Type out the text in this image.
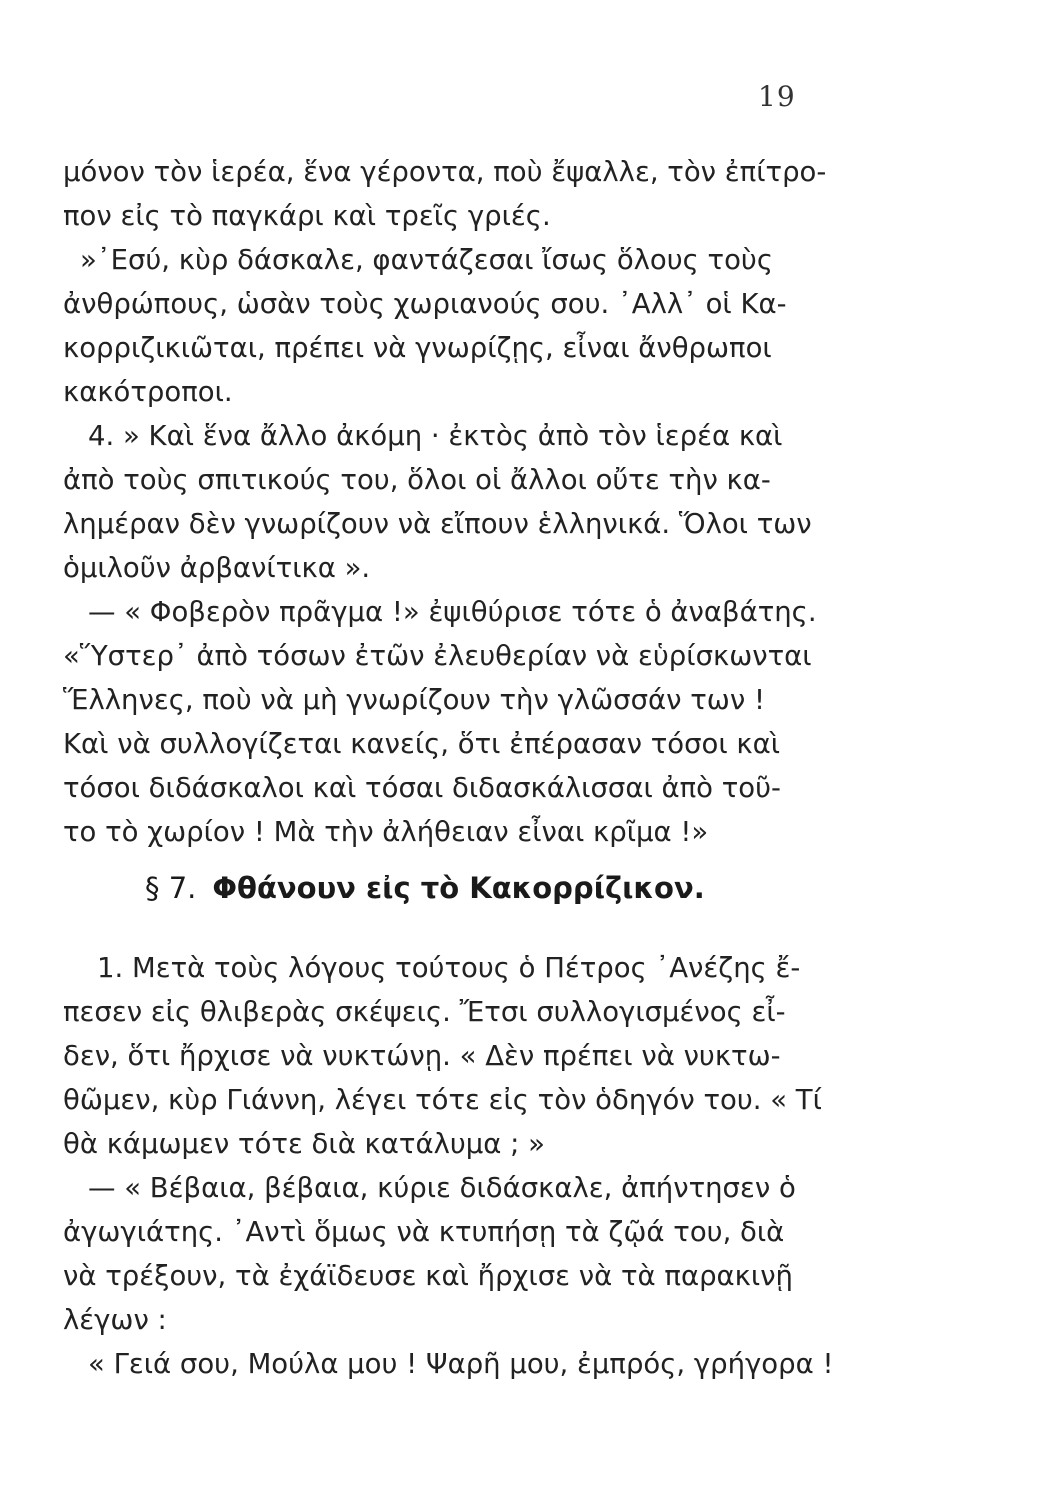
19
μόνον τὸν ἱερέα, ἕνα γέροντα, ποὺ ἔψαλλε, τὸν ἐπίτρο-
πον εἰς τὸ παγκάρι καὶ τρεῖς γριές.
»᾿Εσύ, κὺρ δάσκαλε, φαντάζεσαι ἴσως ὅλους τοὺς
ἀνθρώπους, ὡσὰν τοὺς χωριανούς σου. ᾿Αλλ᾿ οἱ Κα-
κορριζικιῶται, πρέπει νὰ γνωρίζῃς, εἶναι ἄνθρωποι
κακότροποι.
4. » Καὶ ἕνα ἄλλο ἀκόμη · ἐκτὸς ἀπὸ τὸν ἱερέα καὶ
ἀπὸ τοὺς σπιτικούς του, ὅλοι οἱ ἄλλοι οὔτε τὴν κα-
λημέραν δὲν γνωρίζουν νὰ εἴπουν ἑλληνικά. Ὅλοι των
ὁμιλοῦν ἀρβανίτικα ».
— « Φοβερὸν πρᾶγμα !» ἐψιθύρισε τότε ὁ ἀναβάτης.
«Ὕστερ᾿ ἀπὸ τόσων ἐτῶν ἐλευθερίαν νὰ εὑρίσκωνται
Ἕλληνες, ποὺ νὰ μὴ γνωρίζουν τὴν γλῶσσάν των !
Καὶ νὰ συλλογίζεται κανείς, ὅτι ἐπέρασαν τόσοι καὶ
τόσοι διδάσκαλοι καὶ τόσαι διδασκάλισσαι ἀπὸ τοῦ-
το τὸ χωρίον ! Μὰ τὴν ἀλήθειαν εἶναι κρῖμα !»
§ 7. Φθάνουν εἰς τὸ Κακορρίζικον.
1. Μετὰ τοὺς λόγους τούτους ὁ Πέτρος ᾿Ανέζης ἔ-
πεσεν εἰς θλιβερὰς σκέψεις. Ἔτσι συλλογισμένος εἶ-
δεν, ὅτι ἤρχισε νὰ νυκτώνῃ. « Δὲν πρέπει νὰ νυκτω-
θῶμεν, κὺρ Γιάννη, λέγει τότε εἰς τὸν ὁδηγόν του. « Τί
θὰ κάμωμεν τότε διὰ κατάλυμα ; »
— « Βέβαια, βέβαια, κύριε διδάσκαλε, ἀπήντησεν ὁ
ἀγωγιάτης. ᾿Αντὶ ὅμως νὰ κτυπήσῃ τὰ ζῷά του, διὰ
νὰ τρέξουν, τὰ ἐχάϊδευσε καὶ ἤρχισε νὰ τὰ παρακινῇ
λέγων :
« Γειά σου, Μούλα μου ! Ψαρῆ μου, ἐμπρός, γρήγορα !
